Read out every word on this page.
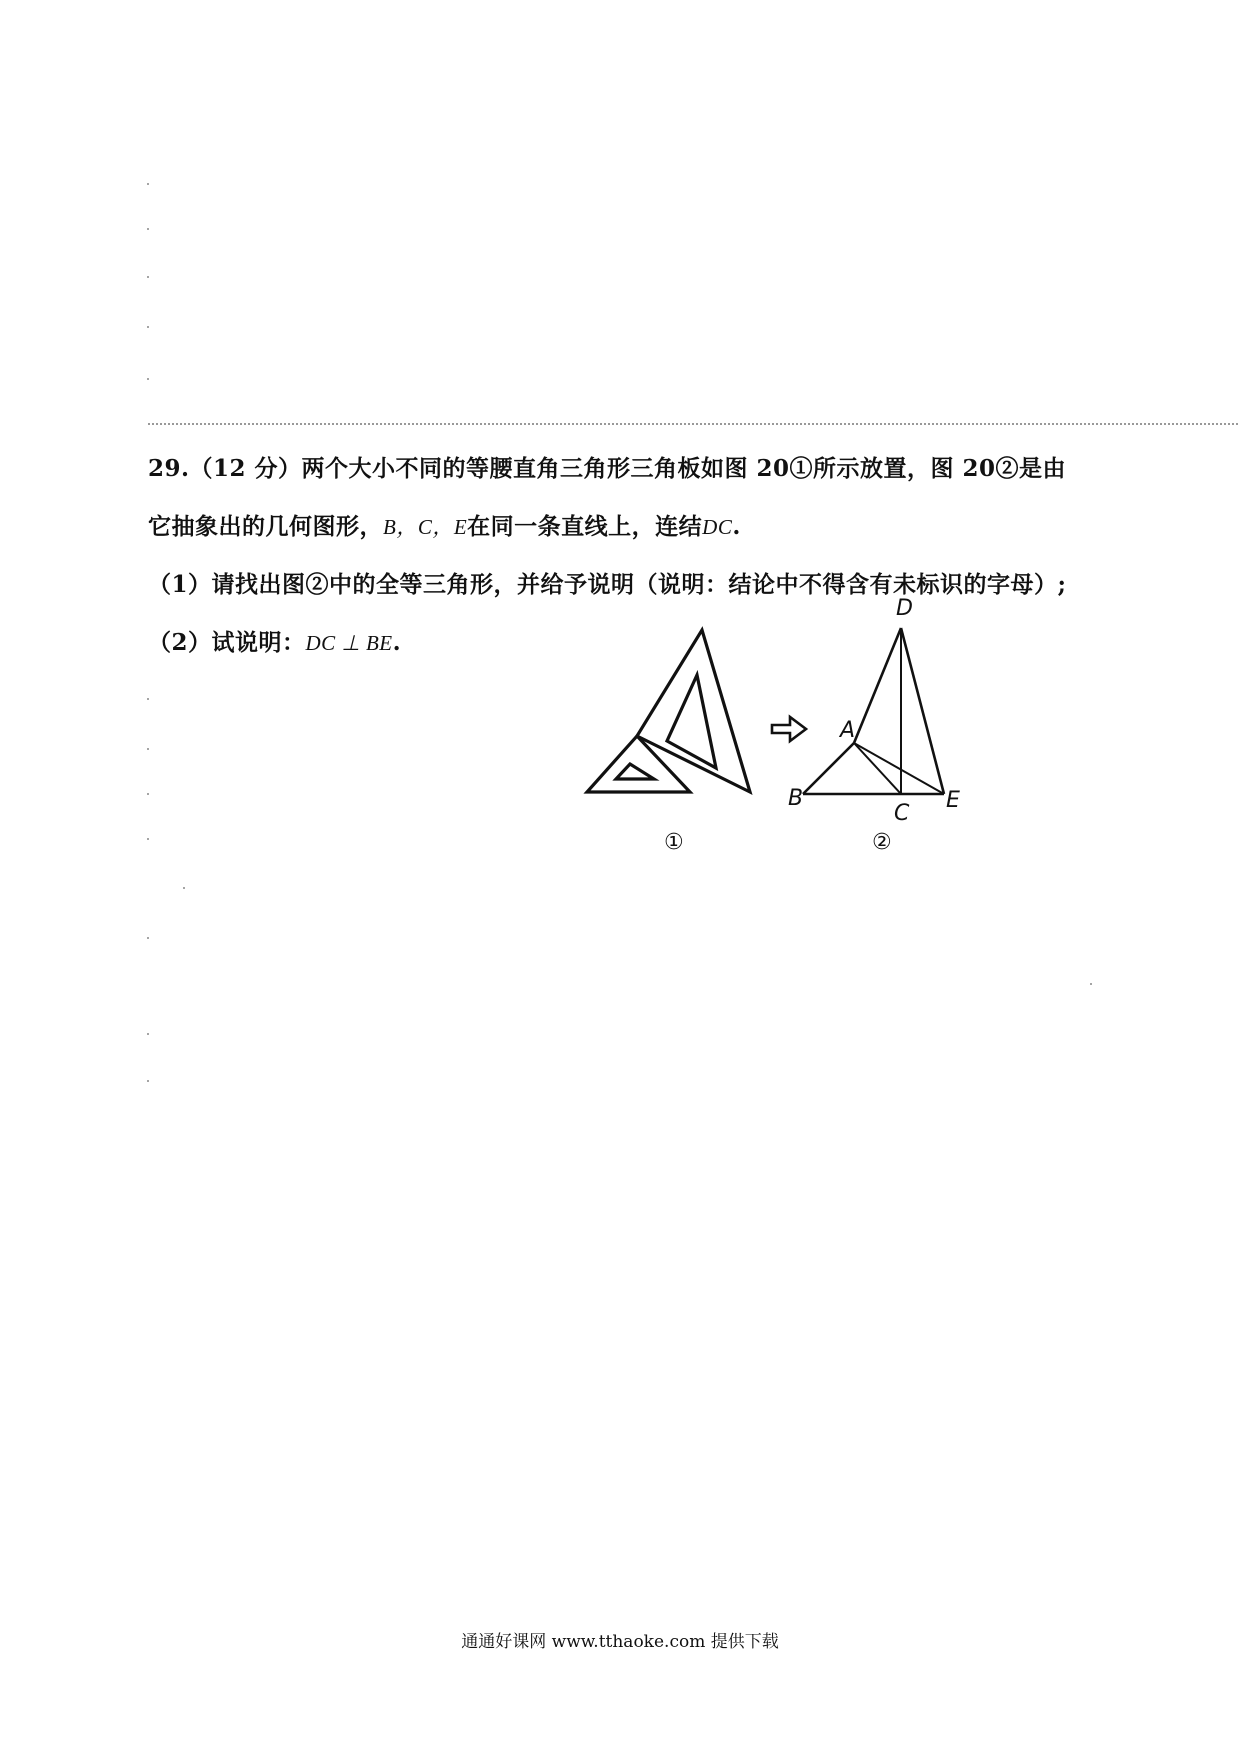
29.（12 分）两个大小不同的等腰直角三角形三角板如图 20①所示放置，图 20②是由
它抽象出的几何图形，B，C，E在同一条直线上，连结DC.
（1）请找出图②中的全等三角形，并给予说明（说明：结论中不得含有未标识的字母）;
（2）试说明：DC ⊥ BE.
D
A
B
C
E
①	②
通通好课网 www.tthaoke.com 提供下载
